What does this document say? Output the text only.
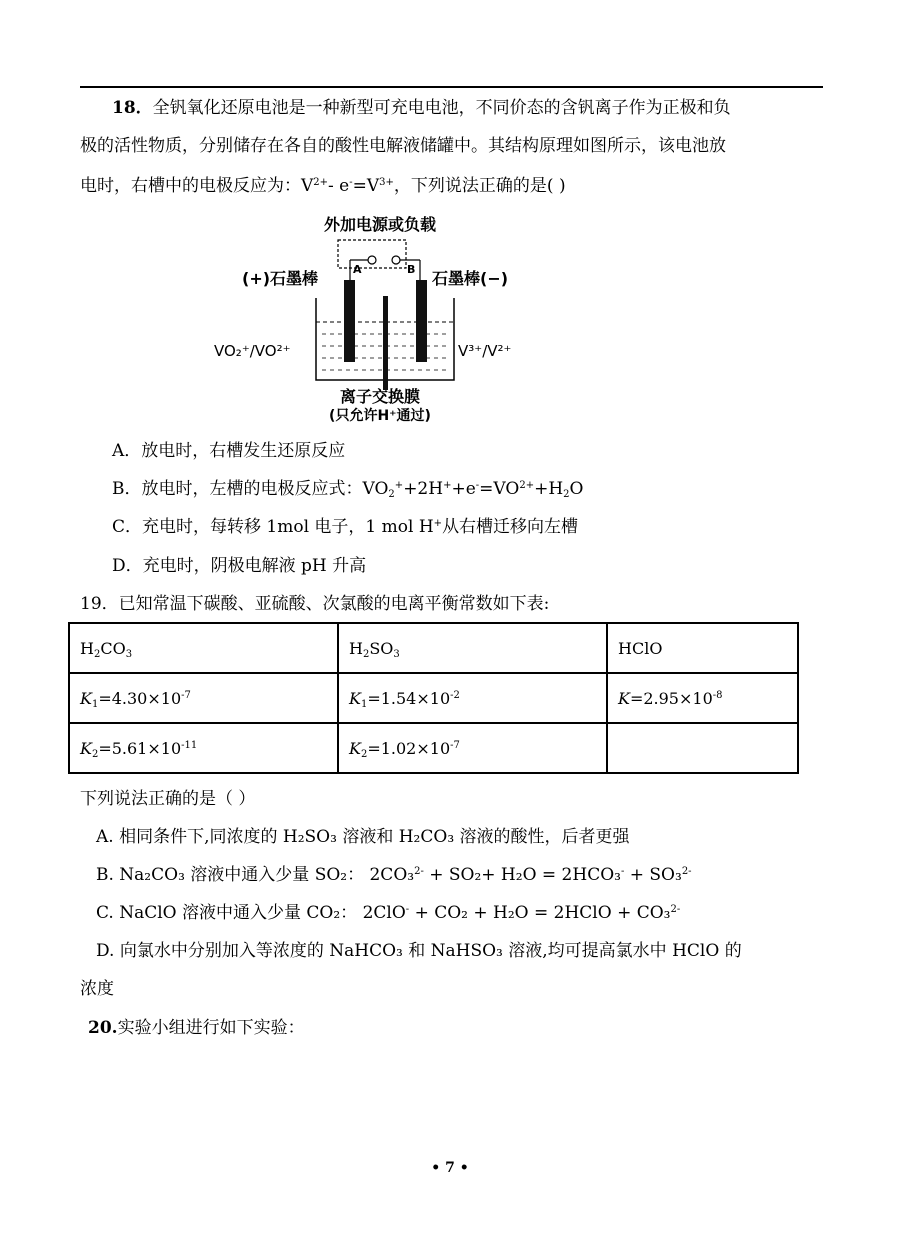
18．全钒氧化还原电池是一种新型可充电电池，不同价态的含钒离子作为正极和负
极的活性物质，分别储存在各自的酸性电解液储罐中。其结构原理如图所示，该电池放
电时，右槽中的电极反应为：$V^{2+}-$ $e^-=V^{3+}$，下列说法正确的是( )
外加电源或负载
A	B
(+)石墨棒	石墨棒(−)
VO₂⁺/VO²⁺	V³⁺/V²⁺
离子交换膜
(只允许H⁺通过)
A．放电时，右槽发生还原反应
B．放电时，左槽的电极反应式：$VO_2^++2H^++e^-=VO^{2+}+H_2O$
C．充电时，每转移 1mol 电子，1 mol H+从右槽迁移向左槽
D．充电时，阴极电解液 pH 升高
19．已知常温下碳酸、亚硫酸、次氯酸的电离平衡常数如下表:
$H_2CO_3$	$H_2SO_3$	HClO
$K_1=4.30\times 10^{-7}$	$K_1=1.54\times 10^{-2}$	$K=2.95\times 10^{-8}$
$K_2=5.61\times 10^{-11}$	$K_2=1.02\times 10^{-7}$	
下列说法正确的是（ ）
A. 相同条件下,同浓度的 H₂SO₃ 溶液和 H₂CO₃ 溶液的酸性，后者更强
B. Na₂CO₃ 溶液中通入少量 SO₂： 2CO₃$^{2-}$ + SO₂+ H₂O = 2HCO₃- + SO₃$^{2-}$
C. NaClO 溶液中通入少量 CO₂： 2ClO- + CO₂ + H₂O = 2HClO + CO₃$^{2-}$
D. 向氯水中分别加入等浓度的 NaHCO₃ 和 NaHSO₃ 溶液,均可提高氯水中 HClO 的
浓度
20.实验小组进行如下实验：
• 7 •
